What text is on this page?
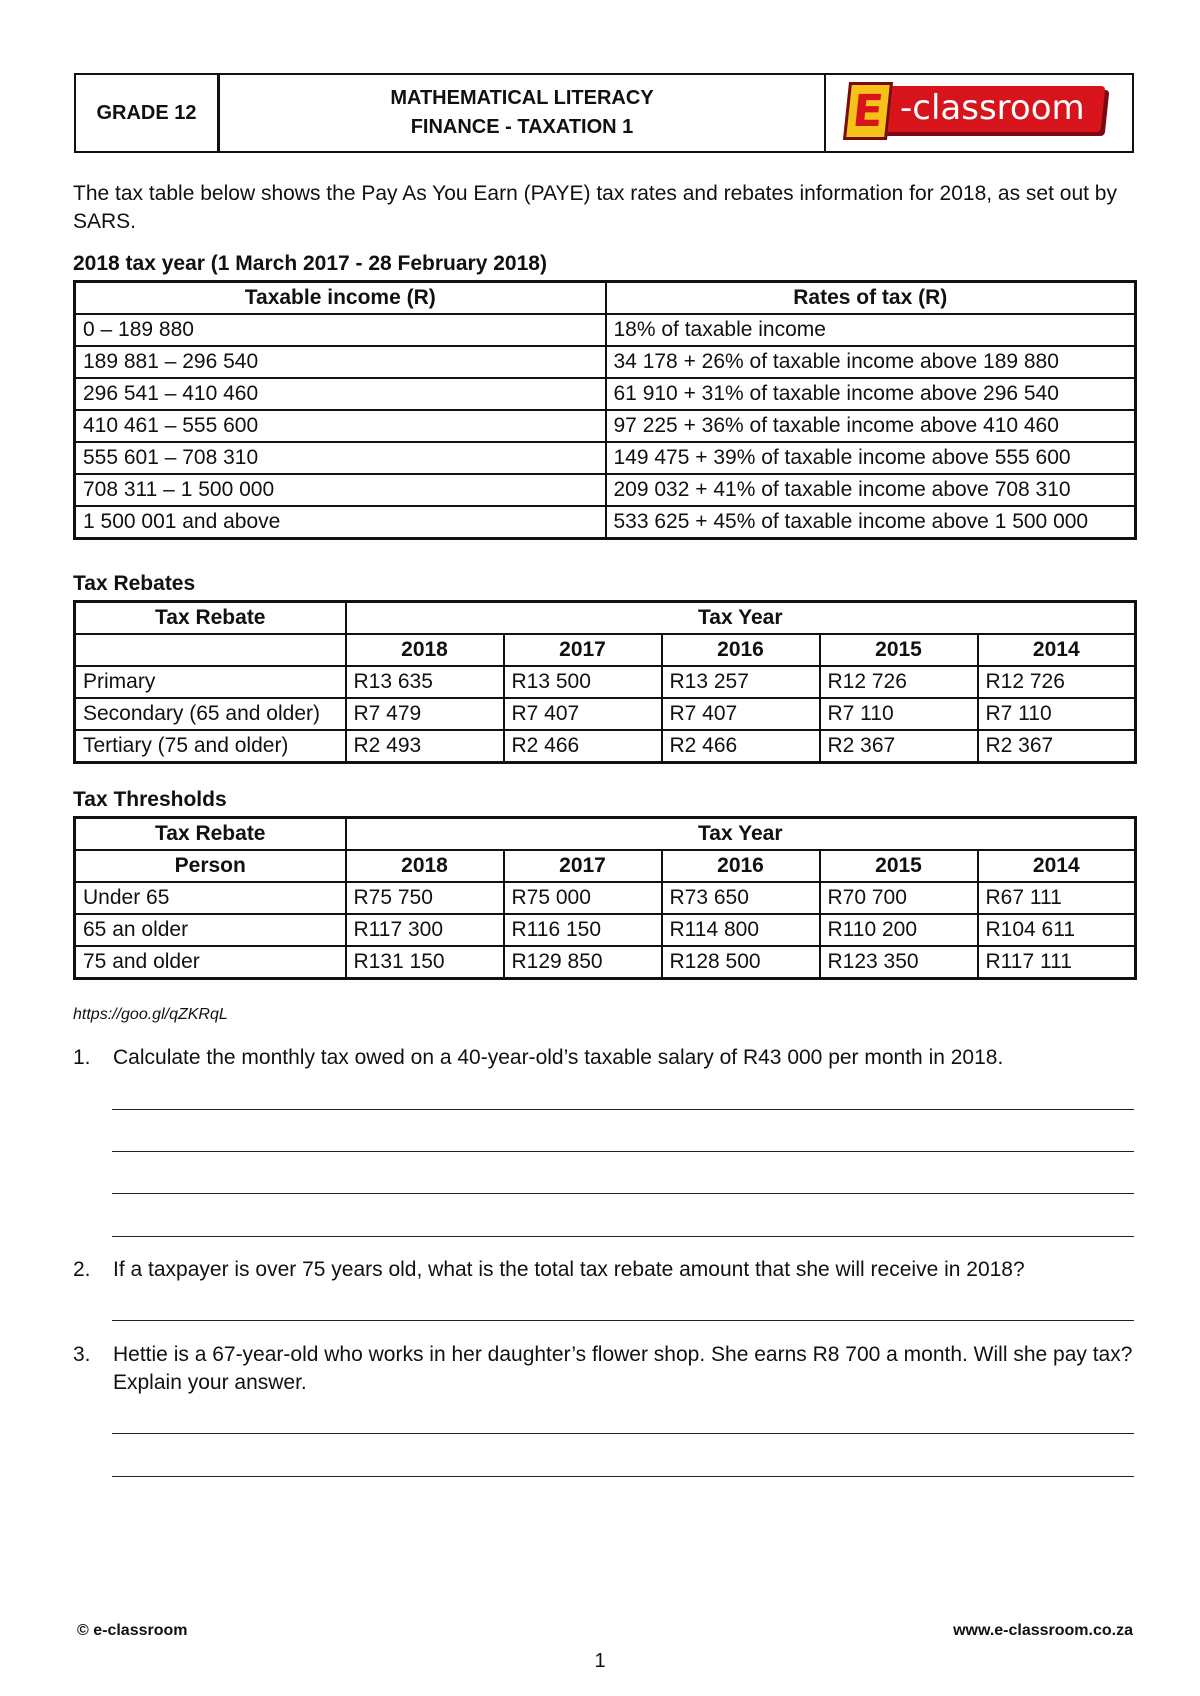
GRADE 12
MATHEMATICAL LITERACY
FINANCE - TAXATION 1	E -classroom
The tax table below shows the Pay As You Earn (PAYE) tax rates and rebates information for 2018, as set out by SARS.
2018 tax year (1 March 2017 - 28 February 2018)
Taxable income (R)	Rates of tax (R)
0 – 189 880	18% of taxable income
189 881 – 296 540	34 178 + 26% of taxable income above 189 880
296 541 – 410 460	61 910 + 31% of taxable income above 296 540
410 461 – 555 600	97 225 + 36% of taxable income above 410 460
555 601 – 708 310	149 475 + 39% of taxable income above 555 600
708 311 – 1 500 000	209 032 + 41% of taxable income above 708 310
1 500 001 and above	533 625 + 45% of taxable income above 1 500 000
Tax Rebates
Tax Rebate	Tax Year				
	2018	2017	2016	2015	2014
Primary	R13 635	R13 500	R13 257	R12 726	R12 726
Secondary (65 and older)	R7 479	R7 407	R7 407	R7 110	R7 110
Tertiary (75 and older)	R2 493	R2 466	R2 466	R2 367	R2 367
Tax Thresholds
Tax Rebate	Tax Year				
Person	2018	2017	2016	2015	2014
Under 65	R75 750	R75 000	R73 650	R70 700	R67 111
65 an older	R117 300	R116 150	R114 800	R110 200	R104 611
75 and older	R131 150	R129 850	R128 500	R123 350	R117 111
https://goo.gl/qZKRqL
1.	Calculate the monthly tax owed on a 40-year-old’s taxable salary of R43 000 per month in 2018.
2.	If a taxpayer is over 75 years old, what is the total tax rebate amount that she will receive in 2018?
3.	Hettie is a 67-year-old who works in her daughter’s flower shop. She earns R8 700 a month. Will she pay tax? Explain your answer.
© e-classroom	www.e-classroom.co.za
1
